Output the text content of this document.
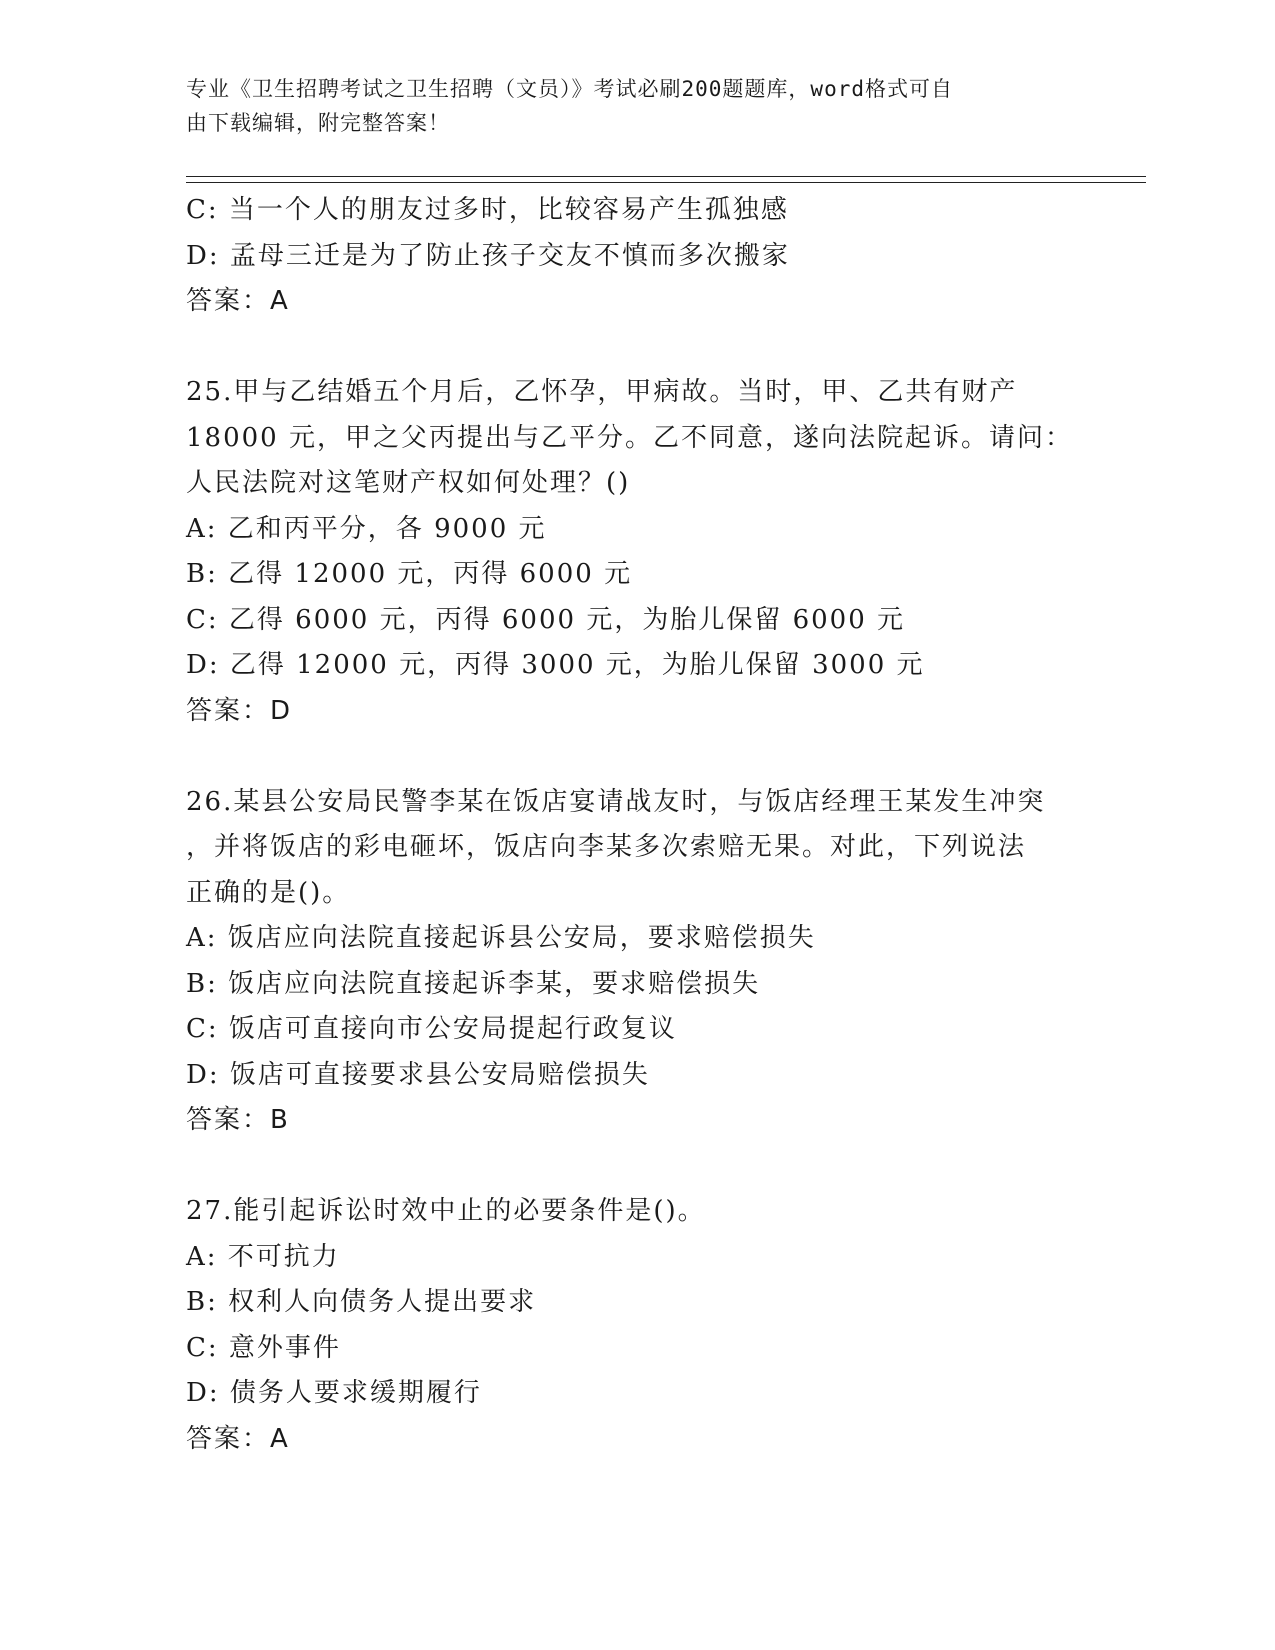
专业《卫生招聘考试之卫生招聘（文员）》考试必刷200题题库，word格式可自

由下载编辑，附完整答案！

C: 当一个人的朋友过多时，比较容易产生孤独感
D: 孟母三迁是为了防止孩子交友不慎而多次搬家
答案：A
25.甲与乙结婚五个月后，乙怀孕，甲病故。当时，甲、乙共有财产
18000 元，甲之父丙提出与乙平分。乙不同意，遂向法院起诉。请问：
人民法院对这笔财产权如何处理？()
A: 乙和丙平分，各 9000 元
B: 乙得 12000 元，丙得 6000 元
C: 乙得 6000 元，丙得 6000 元，为胎儿保留 6000 元
D: 乙得 12000 元，丙得 3000 元，为胎儿保留 3000 元
答案：D
26.某县公安局民警李某在饭店宴请战友时，与饭店经理王某发生冲突
，并将饭店的彩电砸坏，饭店向李某多次索赔无果。对此，下列说法
正确的是()。
A: 饭店应向法院直接起诉县公安局，要求赔偿损失
B: 饭店应向法院直接起诉李某，要求赔偿损失
C: 饭店可直接向市公安局提起行政复议
D: 饭店可直接要求县公安局赔偿损失
答案：B
27.能引起诉讼时效中止的必要条件是()。
A: 不可抗力
B: 权利人向债务人提出要求
C: 意外事件
D: 债务人要求缓期履行
答案：A
